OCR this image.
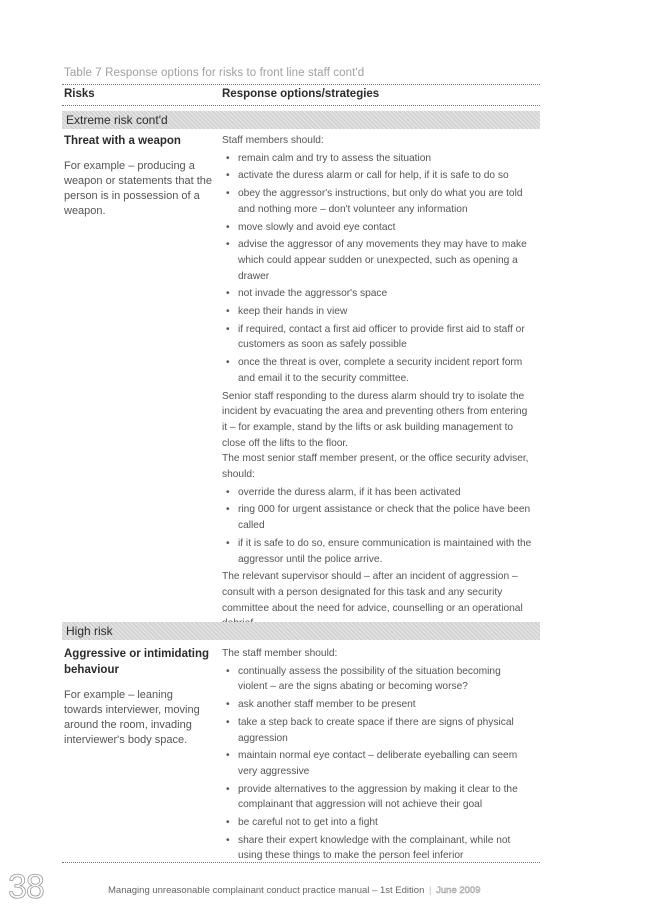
Table 7 Response options for risks to front line staff cont'd
Risks	Response options/strategies
Extreme risk cont'd
Threat with a weapon
For example – producing a weapon or statements that the person is in possession of a weapon.

Staff members should:

• remain calm and try to assess the situation
• activate the duress alarm or call for help, if it is safe to do so
• obey the aggressor's instructions, but only do what you are told and nothing more – don't volunteer any information
• move slowly and avoid eye contact
• advise the aggressor of any movements they may have to make which could appear sudden or unexpected, such as opening a drawer
• not invade the aggressor's space
• keep their hands in view
• if required, contact a first aid officer to provide first aid to staff or customers as soon as safely possible
• once the threat is over, complete a security incident report form and email it to the security committee.

Senior staff responding to the duress alarm should try to isolate the incident by evacuating the area and preventing others from entering it – for example, stand by the lifts or ask building management to close off the lifts to the floor.

The most senior staff member present, or the office security adviser, should:

• override the duress alarm, if it has been activated
• ring 000 for urgent assistance or check that the police have been called
• if it is safe to do so, ensure communication is maintained with the aggressor until the police arrive.

The relevant supervisor should – after an incident of aggression – consult with a person designated for this task and any security committee about the need for advice, counselling or an operational

High risk
Aggressive or intimidating behaviour
For example – leaning towards interviewer, moving around the room, invading interviewer's body space.

The staff member should:

• continually assess the possibility of the situation becoming violent – are the signs abating or becoming worse?
• ask another staff member to be present
• take a step back to create space if there are signs of physical aggression
• maintain normal eye contact – deliberate eyeballing can seem very aggressive
• provide alternatives to the aggression by making it clear to the complainant that aggression will not achieve their goal
• be careful not to get into a fight
• share their expert knowledge with the complainant, while not using these things to make the person feel inferior
38	Managing unreasonable complainant conduct practice manual – 1st Edition | June 2009
